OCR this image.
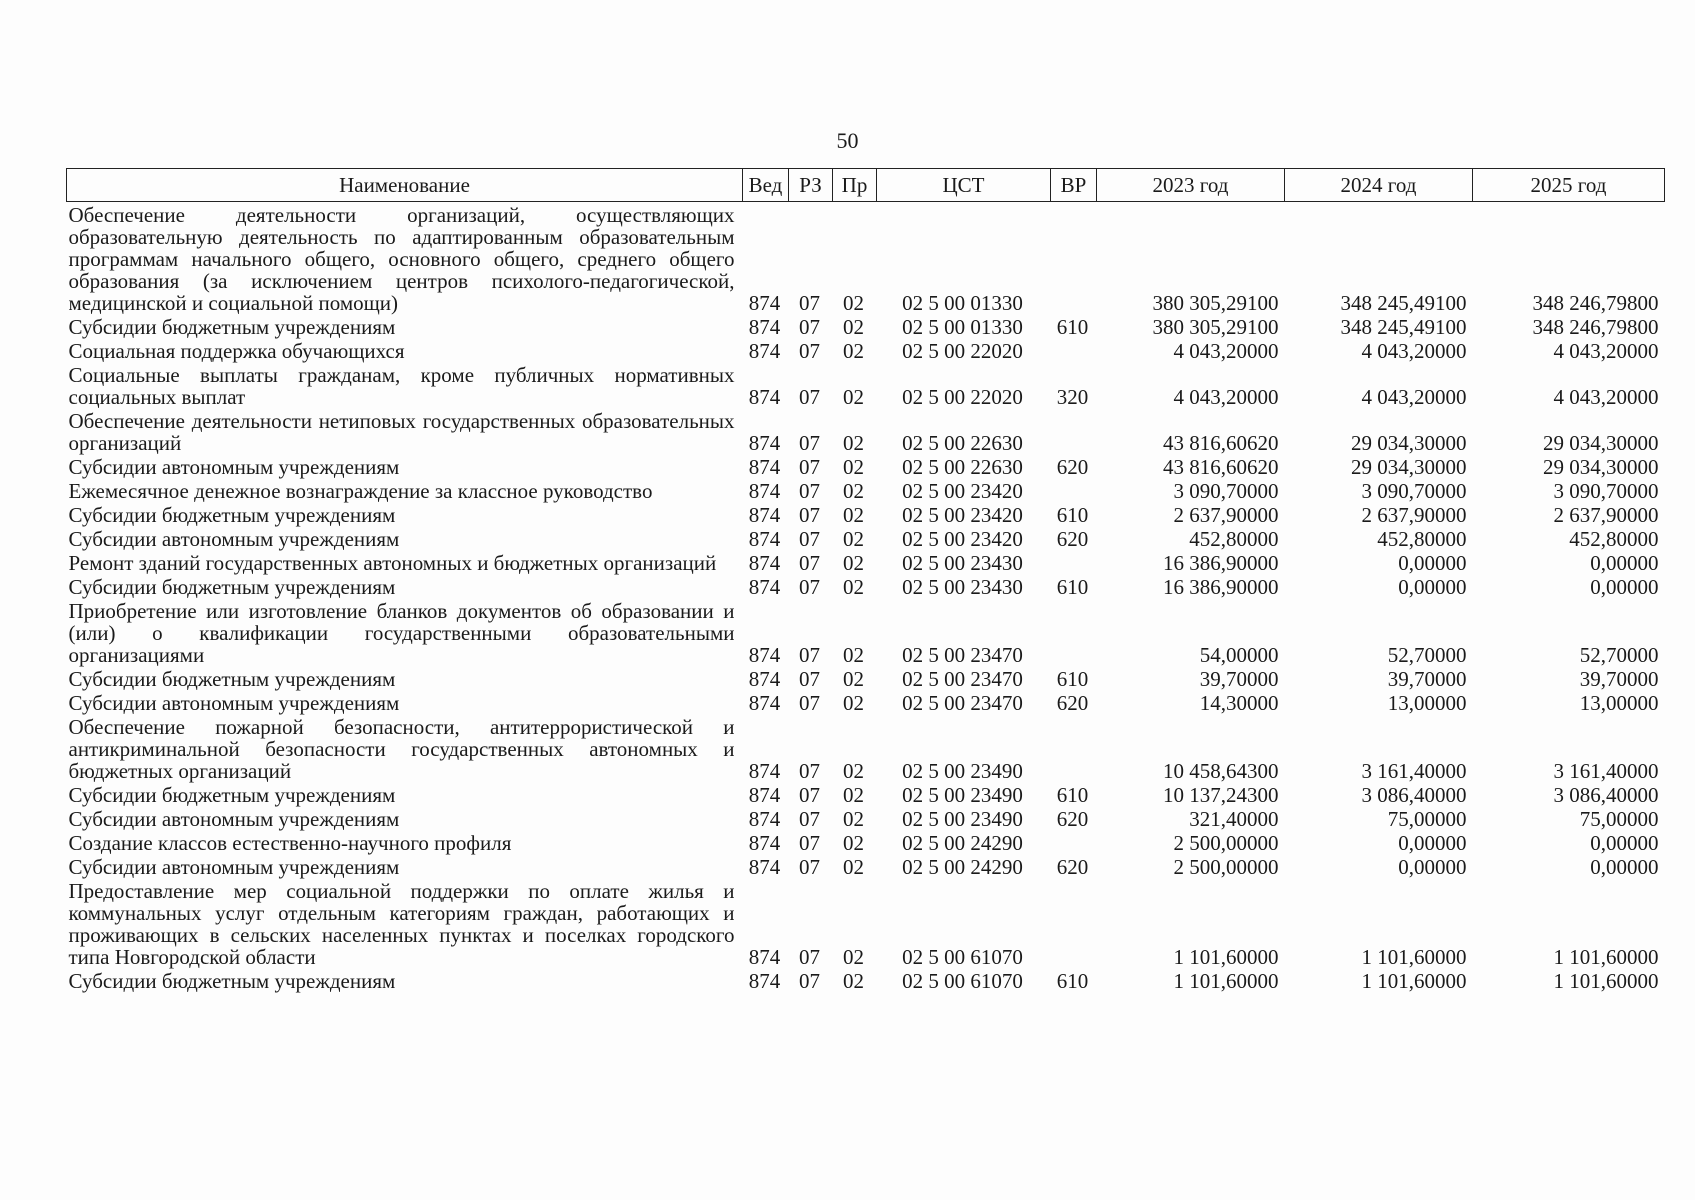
50
Наименование	Вед	РЗ	Пр	ЦСТ	ВР	2023 год	2024 год	2025 год
Обеспечение деятельности организаций, осуществляющих образовательную деятельность по адаптированным образовательным программам начального общего, основного общего, среднего общего образования (за исключением центров психолого-педагогической, медицинской и социальной помощи)	874	07	02	02 5 00 01330		380 305,29100	348 245,49100	348 246,79800
Субсидии бюджетным учреждениям	874	07	02	02 5 00 01330	610	380 305,29100	348 245,49100	348 246,79800
Социальная поддержка обучающихся	874	07	02	02 5 00 22020		4 043,20000	4 043,20000	4 043,20000
Социальные выплаты гражданам, кроме публичных нормативных социальных выплат	874	07	02	02 5 00 22020	320	4 043,20000	4 043,20000	4 043,20000
Обеспечение деятельности нетиповых государственных образовательных организаций	874	07	02	02 5 00 22630		43 816,60620	29 034,30000	29 034,30000
Субсидии автономным учреждениям	874	07	02	02 5 00 22630	620	43 816,60620	29 034,30000	29 034,30000
Ежемесячное денежное вознаграждение за классное руководство	874	07	02	02 5 00 23420		3 090,70000	3 090,70000	3 090,70000
Субсидии бюджетным учреждениям	874	07	02	02 5 00 23420	610	2 637,90000	2 637,90000	2 637,90000
Субсидии автономным учреждениям	874	07	02	02 5 00 23420	620	452,80000	452,80000	452,80000
Ремонт зданий государственных автономных и бюджетных организаций	874	07	02	02 5 00 23430		16 386,90000	0,00000	0,00000
Субсидии бюджетным учреждениям	874	07	02	02 5 00 23430	610	16 386,90000	0,00000	0,00000
Приобретение или изготовление бланков документов об образовании и (или) о квалификации государственными образовательными организациями	874	07	02	02 5 00 23470		54,00000	52,70000	52,70000
Субсидии бюджетным учреждениям	874	07	02	02 5 00 23470	610	39,70000	39,70000	39,70000
Субсидии автономным учреждениям	874	07	02	02 5 00 23470	620	14,30000	13,00000	13,00000
Обеспечение пожарной безопасности, антитеррористической и антикриминальной безопасности государственных автономных и бюджетных организаций	874	07	02	02 5 00 23490		10 458,64300	3 161,40000	3 161,40000
Субсидии бюджетным учреждениям	874	07	02	02 5 00 23490	610	10 137,24300	3 086,40000	3 086,40000
Субсидии автономным учреждениям	874	07	02	02 5 00 23490	620	321,40000	75,00000	75,00000
Создание классов естественно-научного профиля	874	07	02	02 5 00 24290		2 500,00000	0,00000	0,00000
Субсидии автономным учреждениям	874	07	02	02 5 00 24290	620	2 500,00000	0,00000	0,00000
Предоставление мер социальной поддержки по оплате жилья и коммунальных услуг отдельным категориям граждан, работающих и проживающих в сельских населенных пунктах и поселках городского типа Новгородской области	874	07	02	02 5 00 61070		1 101,60000	1 101,60000	1 101,60000
Субсидии бюджетным учреждениям	874	07	02	02 5 00 61070	610	1 101,60000	1 101,60000	1 101,60000
